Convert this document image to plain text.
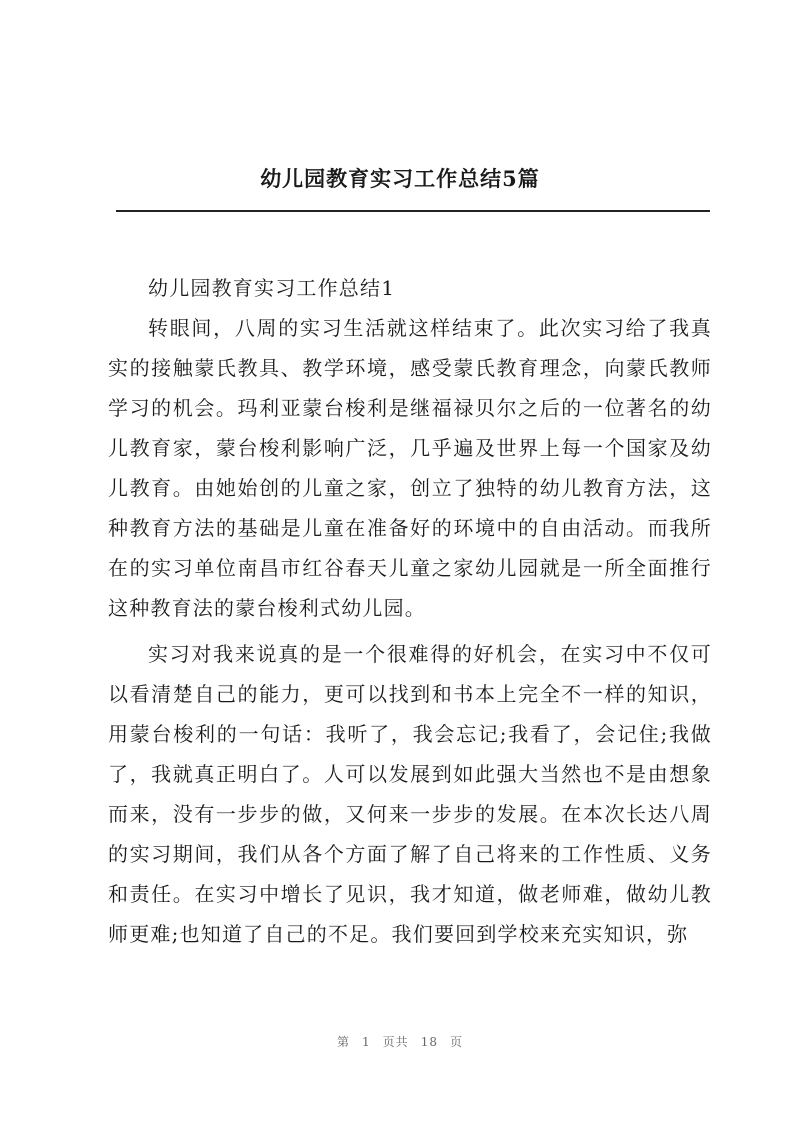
幼儿园教育实习工作总结5篇

幼儿园教育实习工作总结1

转眼间，八周的实习生活就这样结束了。此次实习给了我真实的接触蒙氏教具、教学环境，感受蒙氏教育理念，向蒙氏教师学习的机会。玛利亚蒙台梭利是继福禄贝尔之后的一位著名的幼儿教育家，蒙台梭利影响广泛，几乎遍及世界上每一个国家及幼儿教育。由她始创的儿童之家，创立了独特的幼儿教育方法，这种教育方法的基础是儿童在准备好的环境中的自由活动。而我所在的实习单位南昌市红谷春天儿童之家幼儿园就是一所全面推行这种教育法的蒙台梭利式幼儿园。

实习对我来说真的是一个很难得的好机会，在实习中不仅可以看清楚自己的能力，更可以找到和书本上完全不一样的知识，用蒙台梭利的一句话：我听了，我会忘记;我看了，会记住;我做了，我就真正明白了。人可以发展到如此强大当然也不是由想象而来，没有一步步的做，又何来一步步的发展。在本次长达八周的实习期间，我们从各个方面了解了自己将来的工作性质、义务和责任。在实习中增长了见识，我才知道，做老师难，做幼儿教师更难;也知道了自己的不足。我们要回到学校来充实知识，弥

第 1 页共 18 页
